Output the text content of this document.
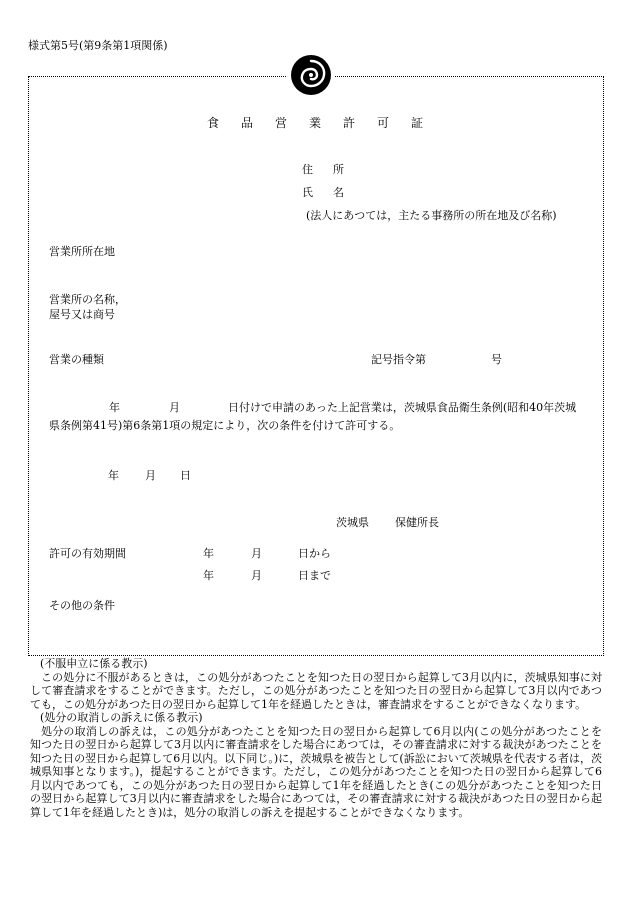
様式第5号(第9条第1項関係)
食品営業許可証
住所
氏名
(法人にあつては，主たる事務所の所在地及び名称)
営業所所在地
営業所の名称，
屋号又は商号
営業の種類	記号指令第	号
年	月	日付けで申請のあった上記営業は，茨城県食品衛生条例(昭和40年茨城
県条例第41号)第6条第1項の規定により，次の条件を付けて許可する。
年 月 日
茨城県 保健所長
許可の有効期間	年	月	日から
年	月	日まで
その他の条件

(不服申立に係る教示)

この処分に不服があるときは，この処分があつたことを知つた日の翌日から起算して3月以内に，茨城県知事に対して審査請求をすることができます。ただし，この処分があつたことを知つた日の翌日から起算して3月以内であつても，この処分があつた日の翌日から起算して1年を経過したときは，審査請求をすることができなくなります。

(処分の取消しの訴えに係る教示)

処分の取消しの訴えは，この処分があつたことを知つた日の翌日から起算して6月以内(この処分があつたことを知つた日の翌日から起算して3月以内に審査請求をした場合にあつては，その審査請求に対する裁決があつたことを知つた日の翌日から起算して6月以内。以下同じ。)に，茨城県を被告として(訴訟において茨城県を代表する者は，茨城県知事となります。)，提起することができます。ただし，この処分があつたことを知つた日の翌日から起算して6月以内であつても，この処分があつた日の翌日から起算して1年を経過したとき(この処分があつたことを知つた日の翌日から起算して3月以内に審査請求をした場合にあつては，その審査請求に対する裁決があつた日の翌日から起算して1年を経過したとき)は，処分の取消しの訴えを提起することができなくなります。
